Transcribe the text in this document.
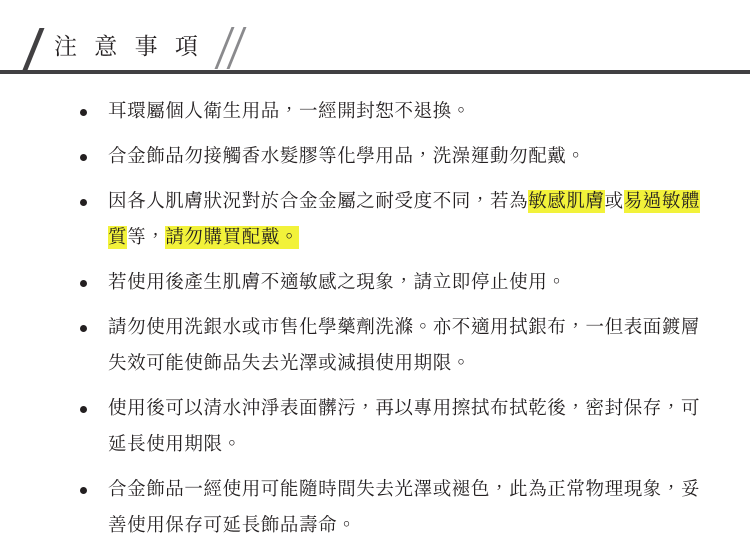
注 意 事 項
耳環屬個人衛生用品，一經開封恕不退換。
合金飾品勿接觸香水髮膠等化學用品，洗澡運動勿配戴。
因各人肌膚狀況對於合金金屬之耐受度不同，若為敏感肌膚或易過敏體質等，請勿購買配戴。
若使用後產生肌膚不適敏感之現象，請立即停止使用。
請勿使用洗銀水或市售化學藥劑洗滌。亦不適用拭銀布，一但表面鍍層失效可能使飾品失去光澤或減損使用期限。
使用後可以清水沖淨表面髒污，再以專用擦拭布拭乾後，密封保存，可延長使用期限。
合金飾品一經使用可能隨時間失去光澤或褪色，此為正常物理現象，妥善使用保存可延長飾品壽命。
